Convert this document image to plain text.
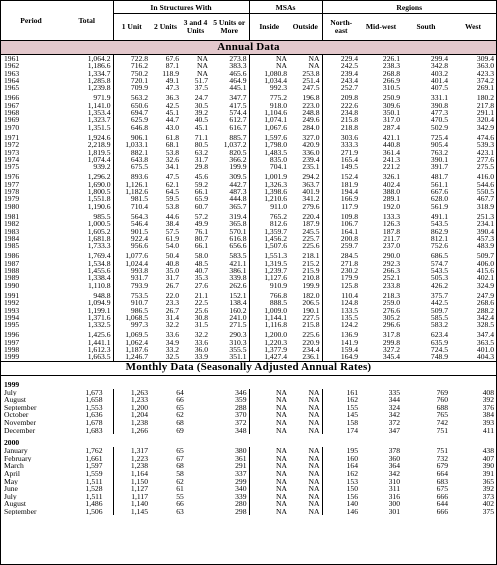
Period	Total	In Structures With				MSAs		Regions			
		1 Unit	2 Units	3 and 4 Units	5 Units or More	Inside	Outside	North-east	Mid-west	South	West
Annual Data											
1961	1,064.2	722.8	67.6	NA	273.8	NA	NA	229.4	226.1	299.4	309.4
1962	1,186.6	716.2	87.1	NA	383.3	NA	NA	242.5	238.3	342.8	363.0
1963	1,334.7	750.2	118.9	NA	465.6	1,080.8	253.8	239.4	268.8	403.2	423.3
1964	1,285.8	720.1	49.1	51.7	464.9	1,034.4	251.4	243.4	266.9	401.4	374.2
1965	1,239.8	709.9	47.3	37.5	445.1	992.3	247.5	252.7	310.5	407.5	269.1
1966	971.9	563.2	36.3	24.7	347.7	775.2	196.8	209.8	250.9	331.1	180.2
1967	1,141.0	650.6	42.5	30.5	417.5	918.0	223.0	222.6	309.6	390.8	217.8
1968	1,353.4	694.7	45.1	39.2	574.4	1,104.6	248.8	234.8	350.1	477.3	291.1
1969	1,323.7	625.9	44.7	40.5	612.7	1,074.1	249.6	215.8	317.0	470.5	320.4
1970	1,351.5	646.8	43.0	45.1	616.7	1,067.6	284.0	218.8	287.4	502.9	342.9
1971	1,924.6	906.1	61.8	71.1	885.7	1,597.6	327.0	303.6	421.1	725.4	474.6
1972	2,218.9	1,033.1	68.1	80.5	1,037.2	1,798.0	420.9	333.3	440.8	905.4	539.3
1973	1,819.5	882.1	53.8	63.2	820.5	1,483.5	336.0	271.9	361.4	763.2	423.1
1974	1,074.4	643.8	32.6	31.7	366.2	835.0	239.4	165.4	241.3	390.1	277.6
1975	939.2	675.5	34.1	29.8	199.9	704.1	235.1	149.5	221.2	391.7	275.5
1976	1,296.2	893.6	47.5	45.6	309.5	1,001.9	294.2	152.4	326.1	481.7	416.0
1977	1,690.0	1,126.1	62.1	59.2	442.7	1,326.3	363.7	181.9	402.4	561.1	544.6
1978	1,800.5	1,182.6	64.5	66.1	487.3	1,398.6	401.9	194.4	388.0	667.6	550.5
1979	1,551.8	981.5	59.5	65.9	444.8	1,210.6	341.2	166.9	289.1	628.0	467.7
1980	1,190.6	710.4	53.8	60.7	365.7	911.0	279.6	117.9	192.0	561.9	318.9
1981	985.5	564.3	44.6	57.2	319.4	765.2	220.4	109.8	133.3	491.1	251.3
1982	1,000.5	546.4	38.4	49.9	365.8	812.6	187.9	106.7	126.3	543.5	234.1
1983	1,605.2	901.5	57.5	76.1	570.1	1,359.7	245.5	164.1	187.8	862.9	390.4
1984	1,681.8	922.4	61.9	80.7	616.8	1,456.2	225.7	200.8	211.7	812.1	457.3
1985	1,733.3	956.6	54.0	66.1	656.6	1,507.6	225.6	259.7	237.0	752.6	483.9
1986	1,769.4	1,077.6	50.4	58.0	583.5	1,551.3	218.1	284.5	290.0	686.5	509.7
1987	1,534.8	1,024.4	40.8	48.5	421.1	1,319.5	215.2	271.8	292.3	574.7	406.0
1988	1,455.6	993.8	35.0	40.7	386.1	1,239.7	215.9	230.2	266.3	543.5	415.6
1989	1,338.4	931.7	31.7	35.3	339.8	1,127.6	210.8	179.9	252.1	505.3	402.1
1990	1,110.8	793.9	26.7	27.6	262.6	910.9	199.9	125.8	233.8	426.2	324.9
1991	948.8	753.5	22.0	21.1	152.1	766.8	182.0	110.4	218.3	375.7	247.9
1992	1,094.9	910.7	23.3	22.5	138.4	888.5	206.5	124.8	259.0	442.5	268.6
1993	1,199.1	986.5	26.7	25.6	160.2	1,009.0	190.1	133.5	276.6	509.7	288.2
1994	1,371.6	1,068.5	31.4	30.8	241.0	1,144.1	227.5	135.5	305.2	585.5	342.4
1995	1,332.5	997.3	32.2	31.5	271.5	1,116.8	215.8	124.2	296.6	583.2	328.5
1996	1,425.6	1,069.5	33.6	32.2	290.3	1,200.0	225.6	136.9	317.8	623.4	347.4
1997	1,441.1	1,062.4	34.9	33.6	310.3	1,220.3	220.9	141.9	299.8	635.9	363.5
1998	1,612.3	1,187.6	33.2	36.0	355.5	1,377.9	234.4	159.4	327.2	724.5	401.0
1999	1,663.5	1,246.7	32.5	33.9	351.1	1,427.4	236.1	164.9	345.4	748.9	404.3
Monthly Data (Seasonally Adjusted Annual Rates)											

1999											
July	1,673	1,263	64		346	NA	NA	161	335	769	408
August	1,658	1,233	66		359	NA	NA	162	344	760	392
September	1,553	1,200	65		288	NA	NA	155	324	688	376
October	1,636	1,204	62		370	NA	NA	145	342	765	384
November	1,678	1,238	68		372	NA	NA	158	372	742	393
December	1,683	1,266	69		348	NA	NA	174	347	751	411

2000											
January	1,762	1,317	65		380	NA	NA	195	378	751	438
February	1,661	1,223	67		361	NA	NA	160	360	732	407
March	1,597	1,238	68		291	NA	NA	164	364	679	390
April	1,559	1,164	58		337	NA	NA	162	342	664	391
May	1,511	1,150	62		299	NA	NA	153	310	683	365
June	1,528	1,127	61		340	NA	NA	150	311	675	392
July	1,511	1,117	55		339	NA	NA	156	316	666	373
August	1,486	1,140	66		280	NA	NA	140	300	644	402
September	1,506	1,145	63		298	NA	NA	146	301	666	375
